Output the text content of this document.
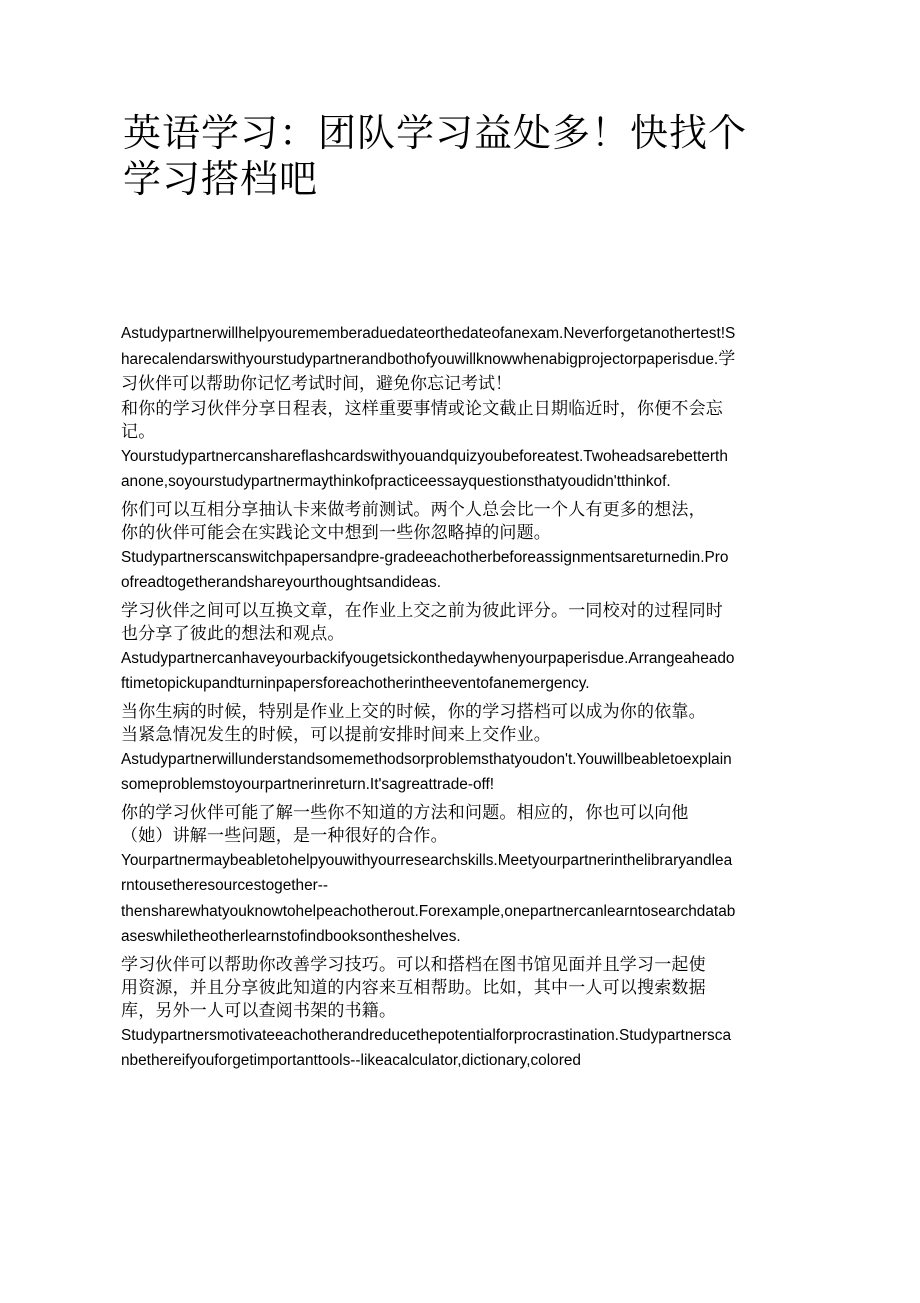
英语学习：团队学习益处多！快找个学习搭档吧

Astudypartnerwillhelpyourememberaduedateorthedateofanexam.Neverforgetanothertest!Sharecalendarswithyourstudypartnerandbothofyouwillknowwhenabigprojectorpaperisdue.学习伙伴可以帮助你记忆考试时间，避免你忘记考试！

和你的学习伙伴分享日程表，这样重要事情或论文截止日期临近时，你便不会忘记。

Yourstudypartnercanshareflashcardswithyouandquizyoubeforeatest.Twoheadsarebetterthanone,soyourstudypartnermaythinkofpracticeessayquestionsthatyoudidn'tthinkof.

你们可以互相分享抽认卡来做考前测试。两个人总会比一个人有更多的想法，

你的伙伴可能会在实践论文中想到一些你忽略掉的问题。

Studypartnerscanswitchpapersandpre-gradeeachotherbeforeassignmentsareturnedin.Proofreadtogetherandshareyourthoughtsandideas.

学习伙伴之间可以互换文章，在作业上交之前为彼此评分。一同校对的过程同时也分享了彼此的想法和观点。

Astudypartnercanhaveyourbackifyougetsickonthedaywhenyourpaperisdue.Arrangeaheadoftimetopickupandturninpapersforeachotherintheeventofanemergency.

当你生病的时候，特别是作业上交的时候，你的学习搭档可以成为你的依靠。

当紧急情况发生的时候，可以提前安排时间来上交作业。

Astudypartnerwillunderstandsomemethodsorproblemsthatyoudon't.Youwillbeabletoexplainsomeproblemstoyourpartnerinreturn.It'sagreattrade-off!

你的学习伙伴可能了解一些你不知道的方法和问题。相应的，你也可以向他

（她）讲解一些问题，是一种很好的合作。

Yourpartnermaybeabletohelpyouwithyourresearchskills.Meetyourpartnerinthelibraryandlearntousetheresourcestogether--

thensharewhatyouknowtohelpeachotherout.Forexample,onepartnercanlearntosearchdatabaseswhiletheotherlearnstofindbooksontheshelves.

学习伙伴可以帮助你改善学习技巧。可以和搭档在图书馆见面并且学习一起使

用资源，并且分享彼此知道的内容来互相帮助。比如，其中一人可以搜索数据库，另外一人可以查阅书架的书籍。

Studypartnersmotivateeachotherandreducethepotentialforprocrastination.Studypartnerscanbethereifyouforgetimportanttools--likeacalculator,dictionary,colored
